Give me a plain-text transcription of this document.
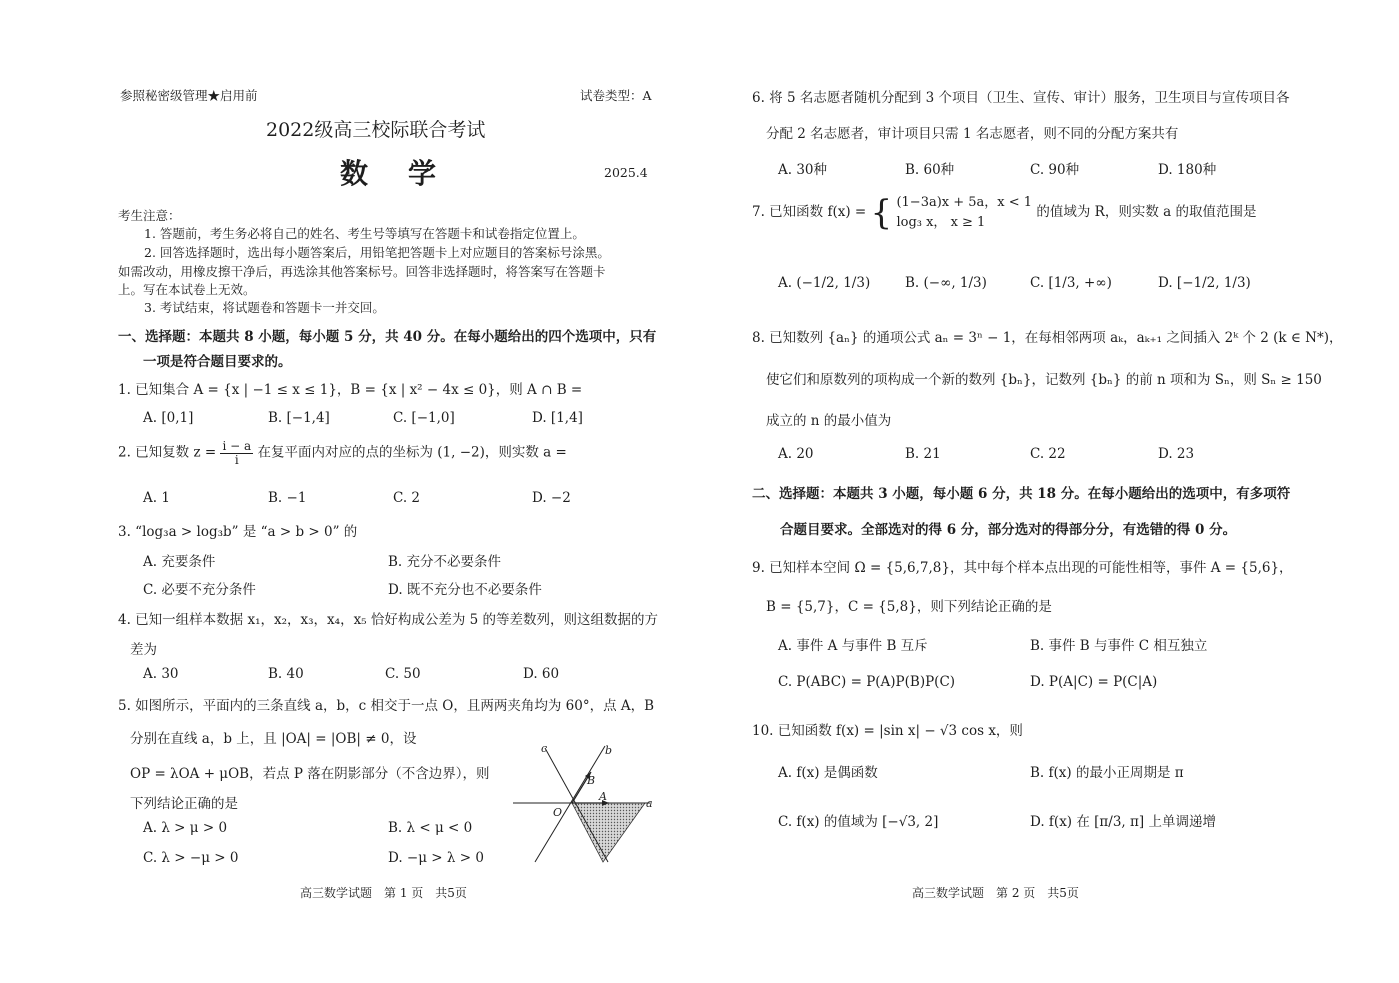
参照秘密级管理★启用前	试卷类型：A
2022级高三校际联合考试
数学	2025.4
考生注意：
1. 答题前，考生务必将自己的姓名、考生号等填写在答题卡和试卷指定位置上。
2. 回答选择题时，选出每小题答案后，用铅笔把答题卡上对应题目的答案标号涂黑。
如需改动，用橡皮擦干净后，再选涂其他答案标号。回答非选择题时，将答案写在答题卡
上。写在本试卷上无效。
3. 考试结束，将试题卷和答题卡一并交回。
一、选择题：本题共 8 小题，每小题 5 分，共 40 分。在每小题给出的四个选项中，只有
一项是符合题目要求的。
1. 已知集合 A = {x | −1 ≤ x ≤ 1}，B = {x | x² − 4x ≤ 0}，则 A ∩ B =
A. [0,1]	B. [−1,4]	C. [−1,0]	D. [1,4]
2. 已知复数 $z = \frac{i - a}{i}$ 在复平面内对应的点的坐标为 (1, −2)，则实数 a =
A. 1	B. −1	C. 2	D. −2
3. “log₃a > log₃b” 是 “a > b > 0” 的
A. 充要条件	B. 充分不必要条件
C. 必要不充分条件	D. 既不充分也不必要条件
4. 已知一组样本数据 x₁，x₂，x₃，x₄，x₅ 恰好构成公差为 5 的等差数列，则这组数据的方
差为
A. 30	B. 40	C. 50	D. 60
5. 如图所示，平面内的三条直线 a，b，c 相交于一点 O，且两两夹角均为 60°，点 A，B
分别在直线 a，b 上，且 |OA| = |OB| ≠ 0，设
OP = λOA + μOB，若点 P 落在阴影部分（不含边界），则
下列结论正确的是
A. λ > μ > 0	B. λ < μ < 0
C. λ > −μ > 0	D. −μ > λ > 0
c	b
B
A
a
O
高三数学试题　第 1 页　共5页
6. 将 5 名志愿者随机分配到 3 个项目（卫生、宣传、审计）服务，卫生项目与宣传项目各
分配 2 名志愿者，审计项目只需 1 名志愿者，则不同的分配方案共有
A. 30种	B. 60种	C. 90种	D. 180种
7. 已知函数 f(x) = { (1−3a)x + 5a，x < 1
log₃ x， x ≥ 1
的值域为 R，则实数 a 的取值范围是
A. (−1/2, 1/3)	B. (−∞, 1/3)	C. [1/3, +∞)	D. [−1/2, 1/3)
8. 已知数列 {aₙ} 的通项公式 aₙ = 3ⁿ − 1，在每相邻两项 aₖ，aₖ₊₁ 之间插入 2ᵏ 个 2 (k ∈ N*)，
使它们和原数列的项构成一个新的数列 {bₙ}，记数列 {bₙ} 的前 n 项和为 Sₙ，则 Sₙ ≥ 150
成立的 n 的最小值为
A. 20	B. 21	C. 22	D. 23
二、选择题：本题共 3 小题，每小题 6 分，共 18 分。在每小题给出的选项中，有多项符
合题目要求。全部选对的得 6 分，部分选对的得部分分，有选错的得 0 分。
9. 已知样本空间 Ω = {5,6,7,8}，其中每个样本点出现的可能性相等，事件 A = {5,6}，
B = {5,7}，C = {5,8}，则下列结论正确的是
A. 事件 A 与事件 B 互斥	B. 事件 B 与事件 C 相互独立
C. P(ABC) = P(A)P(B)P(C)	D. P(A|C) = P(C|A)
10. 已知函数 f(x) = |sin x| − √3 cos x，则
A. f(x) 是偶函数	B. f(x) 的最小正周期是 π
C. f(x) 的值域为 [−√3, 2]	D. f(x) 在 [π/3, π] 上单调递增
高三数学试题　第 2 页　共5页
